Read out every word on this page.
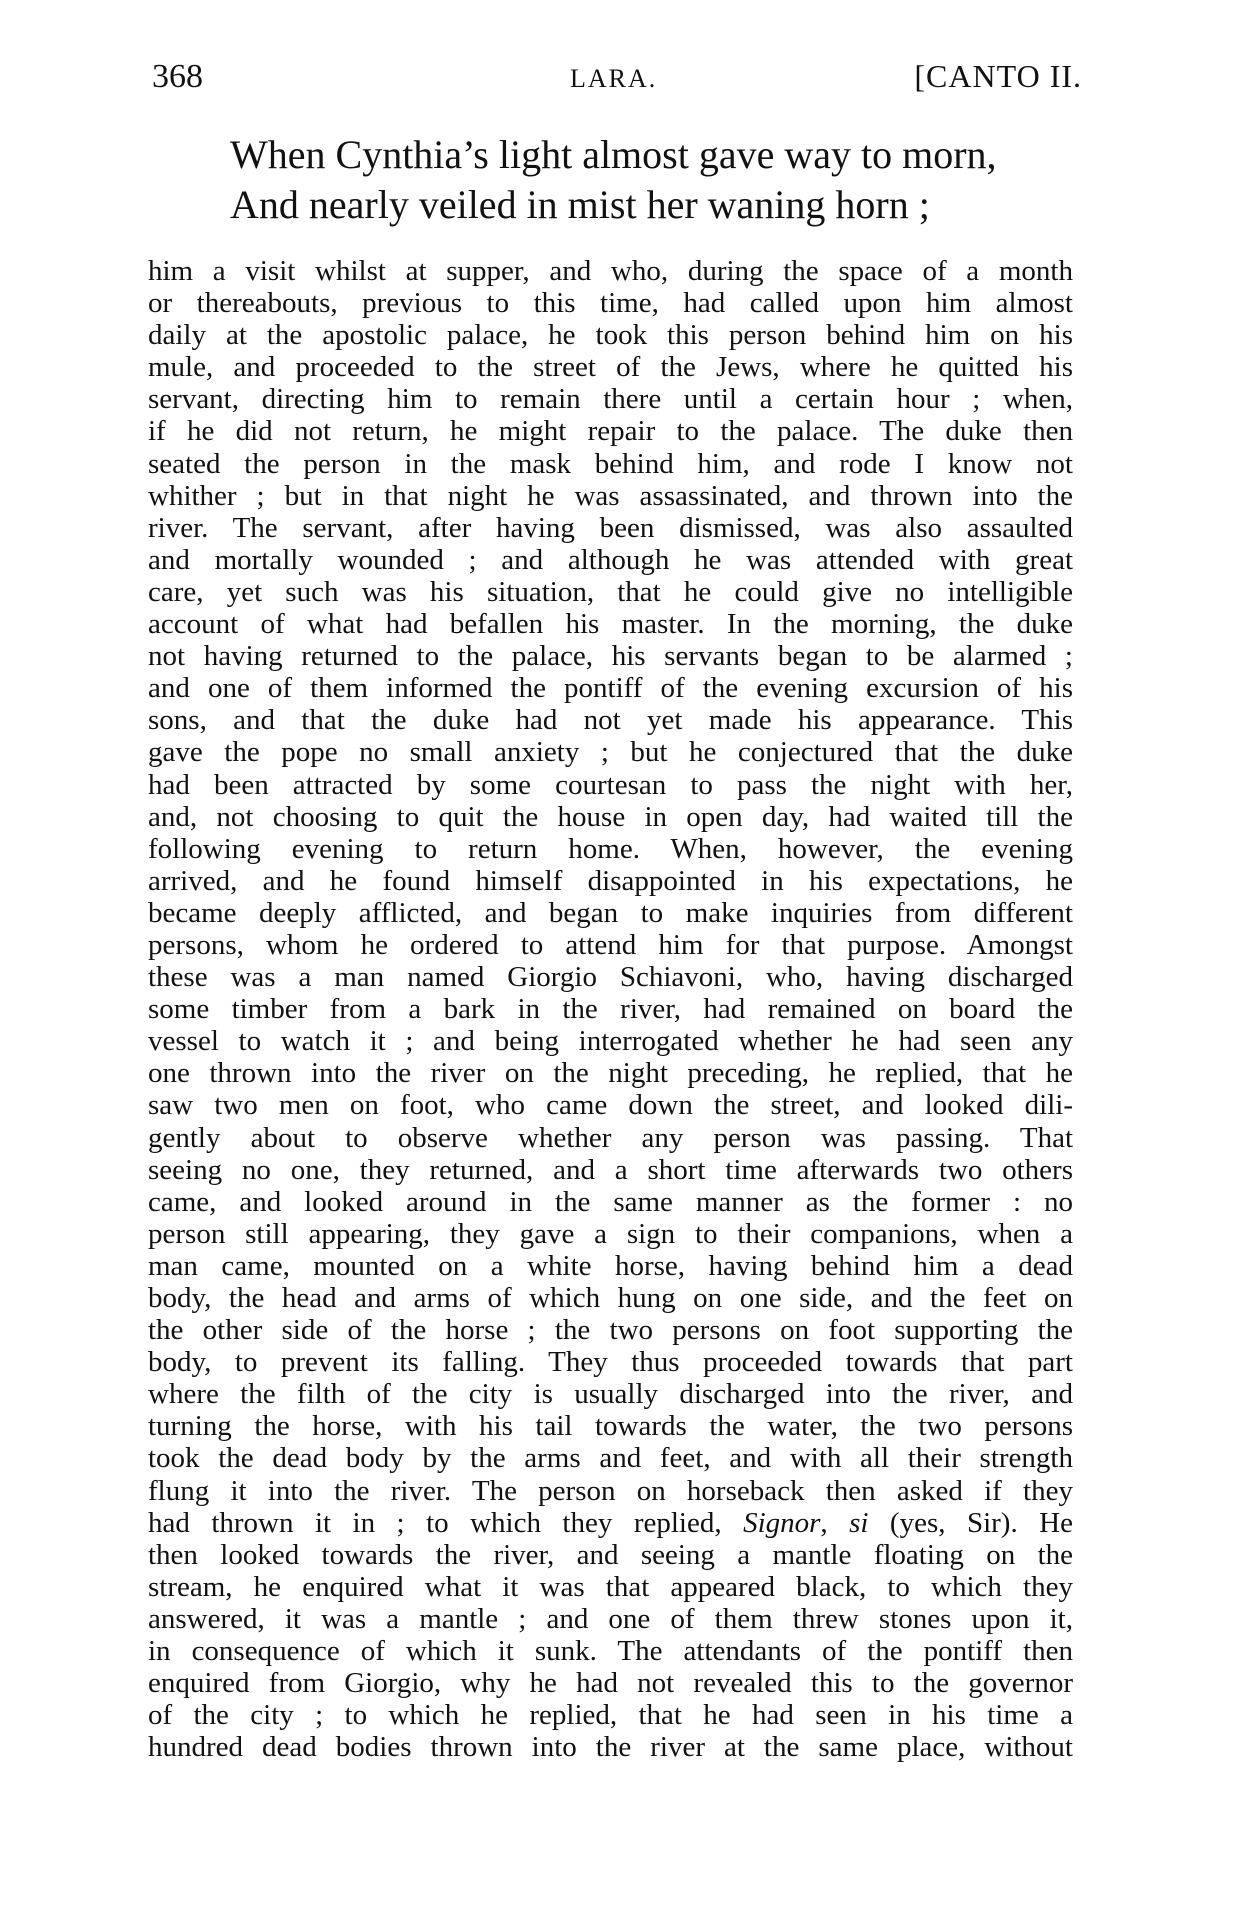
368	LARA.	[CANTO II.
When Cynthia’s light almost gave way to morn,
And nearly veiled in mist her waning horn ;
him a visit whilst at supper, and who, during the space of a month
or thereabouts, previous to this time, had called upon him almost
daily at the apostolic palace, he took this person behind him on his
mule, and proceeded to the street of the Jews, where he quitted his
servant, directing him to remain there until a certain hour ; when,
if he did not return, he might repair to the palace. The duke then
seated the person in the mask behind him, and rode I know not
whither ; but in that night he was assassinated, and thrown into the
river. The servant, after having been dismissed, was also assaulted
and mortally wounded ; and although he was attended with great
care, yet such was his situation, that he could give no intelligible
account of what had befallen his master. In the morning, the duke
not having returned to the palace, his servants began to be alarmed ;
and one of them informed the pontiff of the evening excursion of his
sons, and that the duke had not yet made his appearance. This
gave the pope no small anxiety ; but he conjectured that the duke
had been attracted by some courtesan to pass the night with her,
and, not choosing to quit the house in open day, had waited till the
following evening to return home. When, however, the evening
arrived, and he found himself disappointed in his expectations, he
became deeply afflicted, and began to make inquiries from different
persons, whom he ordered to attend him for that purpose. Amongst
these was a man named Giorgio Schiavoni, who, having discharged
some timber from a bark in the river, had remained on board the
vessel to watch it ; and being interrogated whether he had seen any
one thrown into the river on the night preceding, he replied, that he
saw two men on foot, who came down the street, and looked dili-
gently about to observe whether any person was passing. That
seeing no one, they returned, and a short time afterwards two others
came, and looked around in the same manner as the former : no
person still appearing, they gave a sign to their companions, when a
man came, mounted on a white horse, having behind him a dead
body, the head and arms of which hung on one side, and the feet on
the other side of the horse ; the two persons on foot supporting the
body, to prevent its falling. They thus proceeded towards that part
where the filth of the city is usually discharged into the river, and
turning the horse, with his tail towards the water, the two persons
took the dead body by the arms and feet, and with all their strength
flung it into the river. The person on horseback then asked if they
had thrown it in ; to which they replied, Signor, si (yes, Sir). He
then looked towards the river, and seeing a mantle floating on the
stream, he enquired what it was that appeared black, to which they
answered, it was a mantle ; and one of them threw stones upon it,
in consequence of which it sunk. The attendants of the pontiff then
enquired from Giorgio, why he had not revealed this to the governor
of the city ; to which he replied, that he had seen in his time a
hundred dead bodies thrown into the river at the same place, without
